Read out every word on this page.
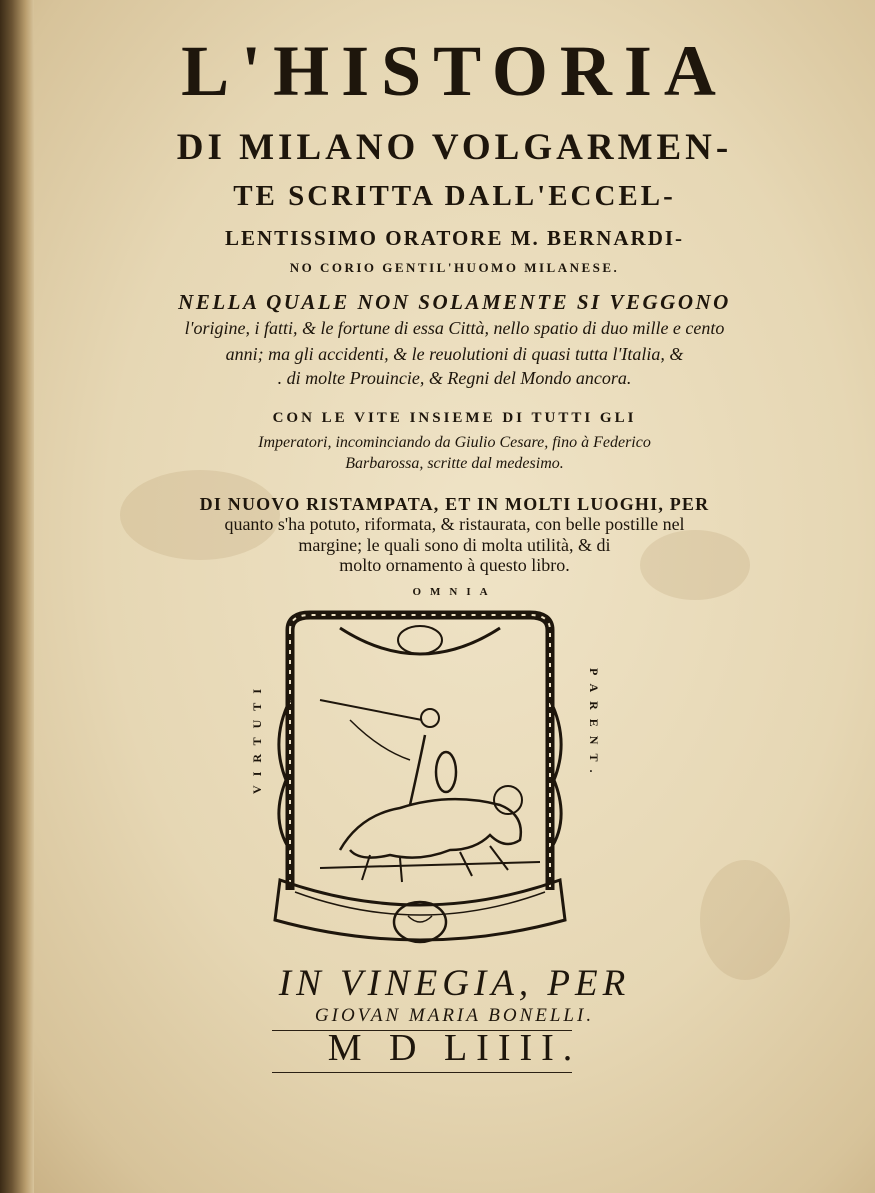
L'HISTORIA
DI MILANO VOLGARMEN-
TE SCRITTA DALL'ECCEL-
LENTISSIMO ORATORE M. BERNARDI-
NO CORIO GENTIL'HUOMO MILANESE.
NELLA QUALE NON SOLAMENTE SI VEGGONO
l'origine, i fatti, & le fortune di essa Città, nello spatio di duo mille e cento
anni; ma gli accidenti, & le reuolutioni di quasi tutta l'Italia, &
. di molte Prouincie, & Regni del Mondo ancora.
CON LE VITE INSIEME DI TUTTI GLI
Imperatori, incominciando da Giulio Cesare, fino à Federico
Barbarossa, scritte dal medesimo.
DI NUOVO RISTAMPATA, ET IN MOLTI LUOGHI, PER
quanto s'ha potuto, riformata, & ristaurata, con belle postille nel
margine; le quali sono di molta utilità, & di
molto ornamento à questo libro.
OMNIA
VIRTUTI	PARENT.
IN VINEGIA, PER
GIOVAN MARIA BONELLI.
M D LIIII.
